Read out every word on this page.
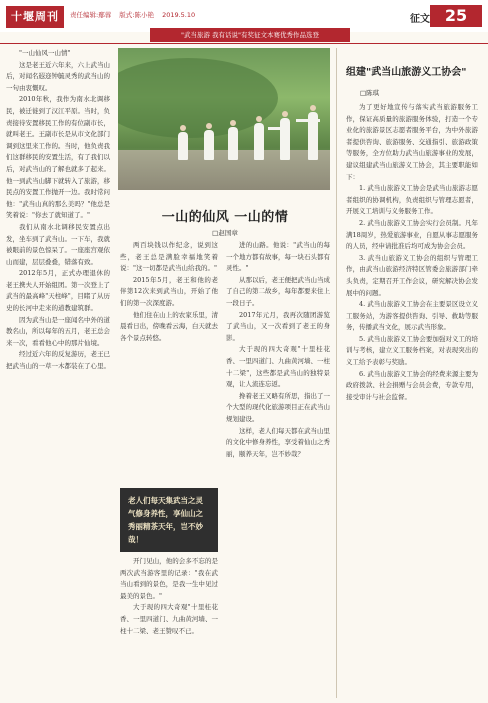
十堰周刊	责任编辑:鄢蓉 版式:陈小艳 2019.5.10	征文 25
"武当旅游 我有话说"有奖征文本赛优秀作品选登

"一山仙风一山情"

这是老王近六年来，六上武当山后，对闻名遐迩钟毓灵秀的武当山的一句由衷慨叹。

2010年秋，我作为南水北调移民，被迁徙到了汉江平原。当时，负责接待安置移民工作的有位副市长，就叫老王。王副市长是从市文化部门调到这里来工作的。当时，他负责我们这群移民的安置生活，有了我们以后，对武当山的了解也就多了起来。他一到武当山脚下就转入了旅游，移民点的安置工作抛开一边。我时常问他："武当山真的那么美吗？"他总是笑着说："你去了就知道了。"

我们从南水北调移民安置点出发，坐车到了武当山。一下车，我就被眼前的景色惊呆了。一座座宫观依山而建，层层叠叠，错落有致。

2012年5月，正式办理退休的老王携夫人开始组团。第一次登上了武当的最高峰"天柱峰"，目睹了从历史的长河中走来的道教建筑群。

因为武当山是一座闻名中外的道教名山，所以每年的五月，老王总会来一次，看看他心中的那片仙境。

经过近六年的反复游历，老王已把武当山的一草一木都装在了心里。

一山的仙风 一山的情
□赵国章

两百块钱以作纪念，说到这些，老王总是满脸幸福地笑着说："这一切都是武当山给我的。"

2015年5月，老王和他的老伴第12次来到武当山，开始了他们的第一次深度游。

他们住在山上的农家乐里，清晨看日出，傍晚看云海，白天就去各个景点转悠。

老人们每天集武当之灵气修身养性，享仙山之秀丽精茶天年，岂不妙哉！

开门见山，他的会多不忘的是两次武当游客里的记录："我在武当山看到的景色，是我一生中见过最美的景色。"

大于现的四大奇观"十里桂花香、一里四道门、九曲黄河墙、一柱十二梁、老王赞叹不已。

进的山路。他说："武当山的每一个地方都有故事，每一块石头都有灵性。"

从那以后，老王便把武当山当成了自己的第二故乡，每年都要来住上一段日子。

2017年元月，我再次随团游览了武当山，又一次看到了老王的身影。

大于现的四大奇观"十里桂花香、一里四道门、九曲黄河墙、一柱十二梁"，这些都是武当山的独特景观，让人流连忘返。

搀着老王又略有所思，指出了一个大型的现代化旅游项目正在武当山规划建设。

这样，老人们每天都在武当山里的文化中修身养性，享受着仙山之秀丽，颐养天年，岂不妙哉？

组建"武当山旅游义工协会"
□陈琪

为了更好地宣传与落实武当旅游服务工作，保证高质量的旅游服务体验，打造一个专业化的旅游景区志愿者服务平台，为中外旅游者提供咨询、旅游服务、交通指引、旅游政策等服务，全方位助力武当山旅游事业的发展，建议组建武当山旅游义工协会，其主要职能如下：

1. 武当山旅游义工协会是武当山旅游志愿者组织的协调机构，负责组织与管理志愿者，开展义工培训与义务服务工作。

2. 武当山旅游义工协会实行会员制。凡年满18周岁，热爱旅游事业，自愿从事志愿服务的人员，经申请批准后均可成为协会会员。

3. 武当山旅游义工协会的组织与管理工作，由武当山旅游经济特区管委会旅游部门牵头负责，定期召开工作会议，研究解决协会发展中的问题。

4. 武当山旅游义工协会在主要景区设立义工服务站，为游客提供咨询、引导、救助等服务，传播武当文化，展示武当形象。

5. 武当山旅游义工协会要加强对义工的培训与考核，建立义工服务档案，对表现突出的义工给予表彰与奖励。

6. 武当山旅游义工协会的经费来源主要为政府拨款、社会捐赠与会员会费，专款专用，接受审计与社会监督。
